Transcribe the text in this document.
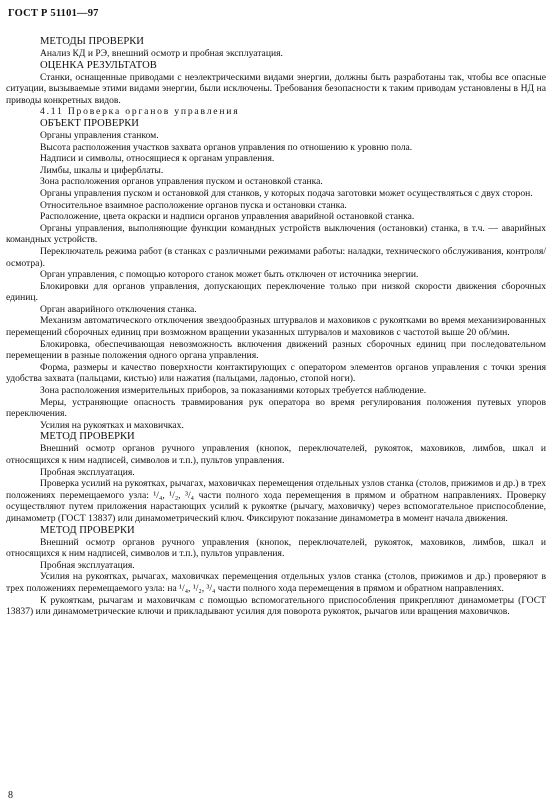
ГОСТ Р 51101—97

МЕТОДЫ ПРОВЕРКИ

Анализ КД и РЭ, внешний осмотр и пробная эксплуатация.

ОЦЕНКА РЕЗУЛЬТАТОВ

Станки, оснащенные приводами с неэлектрическими видами энергии, должны быть разработаны так, чтобы все опасные ситуации, вызываемые этими видами энергии, были исключены. Требования безопасности к таким приводам установлены в НД на приводы конкретных видов.

4.11 Проверка органов управления

ОБЪЕКТ ПРОВЕРКИ

Органы управления станком.

Высота расположения участков захвата органов управления по отношению к уровню пола.

Надписи и символы, относящиеся к органам управления.

Лимбы, шкалы и циферблаты.

Зона расположения органов управления пуском и остановкой станка.

Органы управления пуском и остановкой для станков, у которых подача заготовки может осуществляться с двух сторон.

Относительное взаимное расположение органов пуска и остановки станка.

Расположение, цвета окраски и надписи органов управления аварийной остановкой станка.

Органы управления, выполняющие функции командных устройств выключения (остановки) станка, в т.ч. — аварийных командных устройств.

Переключатель режима работ (в станках с различными режимами работы: наладки, технического обслуживания, контроля/осмотра).

Орган управления, с помощью которого станок может быть отключен от источника энергии.

Блокировки для органов управления, допускающих переключение только при низкой скорости движения сборочных единиц.

Орган аварийного отключения станка.

Механизм автоматического отключения звездообразных штурвалов и маховиков с рукоятками во время механизированных перемещений сборочных единиц при возможном вращении указанных штурвалов и маховиков с частотой выше 20 об/мин.

Блокировка, обеспечивающая невозможность включения движений разных сборочных единиц при последовательном перемещении в разные положения одного органа управления.

Форма, размеры и качество поверхности контактирующих с оператором элементов органов управления с точки зрения удобства захвата (пальцами, кистью) или нажатия (пальцами, ладонью, стопой ноги).

Зона расположения измерительных приборов, за показаниями которых требуется наблюдение.

Меры, устраняющие опасность травмирования рук оператора во время регулирования положения путевых упоров переключения.

Усилия на рукоятках и маховичках.

МЕТОД ПРОВЕРКИ

Внешний осмотр органов ручного управления (кнопок, переключателей, рукояток, маховиков, лимбов, шкал и относящихся к ним надписей, символов и т.п.), пультов управления.

Пробная эксплуатация.

Проверка усилий на рукоятках, рычагах, маховичках перемещения отдельных узлов станка (столов, прижимов и др.) в трех положениях перемещаемого узла: ¹/₄, ¹/₂, ³/₄ части полного хода перемещения в прямом и обратном направлениях. Проверку осуществляют путем приложения нарастающих усилий к рукоятке (рычагу, маховичку) через вспомогательное приспособление, динамометр (ГОСТ 13837) или динамометрический ключ. Фиксируют показание динамометра в момент начала движения.

МЕТОД ПРОВЕРКИ

Внешний осмотр органов ручного управления (кнопок, переключателей, рукояток, маховиков, лимбов, шкал и относящихся к ним надписей, символов и т.п.), пультов управления.

Пробная эксплуатация.

Усилия на рукоятках, рычагах, маховичках перемещения отдельных узлов станка (столов, прижимов и др.) проверяют в трех положениях перемещаемого узла: на ¹/₄, ¹/₂, ³/₄ части полного хода перемещения в прямом и обратном направлениях.

К рукояткам, рычагам и маховичкам с помощью вспомогательного приспособления прикрепляют динамометры (ГОСТ 13837) или динамометрические ключи и прикладывают усилия для поворота рукояток, рычагов или вращения маховичков.

8
